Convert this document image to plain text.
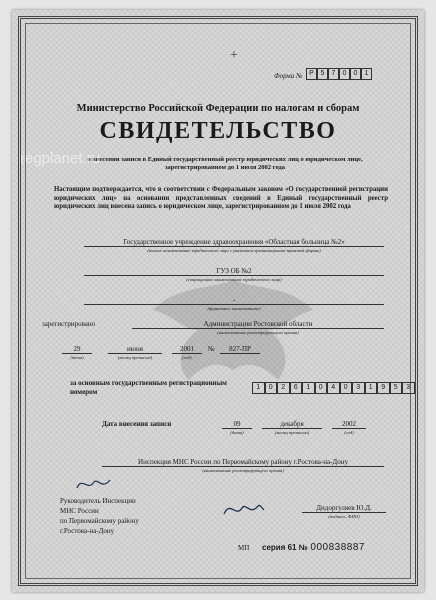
+
Форма № Р 5	7	0	0	1
Министерство Российской Федерации по налогам и сборам
СВИДЕТЕЛЬСТВО
о внесении записи в Единый государственный реестр юридических лиц о юридическом лице, зарегистрированном до 1 июля 2002 года
regplanet.ru
Настоящим подтверждается, что в соответствии с Федеральным законом «О государственной регистрации юридических лиц» на основании представленных сведений в Единый государственный реестр юридических лиц внесена запись о юридическом лице, зарегистрированном до 1 июля 2002 года
Государственное учреждение здравоохранения «Областная больница №2»
(полное наименование юридического лица с указанием организационно-правовой формы)
ГУЗ ОБ №2
(сокращенное наименование юридического лица)
-
(фирменное наименование)
зарегистрировано	Администрации Ростовской области
(наименование регистрирующего органа)
29
(дата)
июня
(месяц прописью)
2001
(год)
№	827-ПР
за основным государственным регистрационным номером
1	0	2	6	1	0	4	0	3	1	9	5	3
Дата внесения записи	09
(дата)
декабря
(месяц прописью)
2002
(год)
Инспекция МНС России по Первомайскому району г.Ростова-на-Дону
(наименование регистрирующего органа)
Руководитель Инспекции
МНС России
по Первомайскому району
г.Ростова-на-Дону
Дидоргуляев Ю.Д.
(подпись, ФИО)
МП серия 61 № 000838887
